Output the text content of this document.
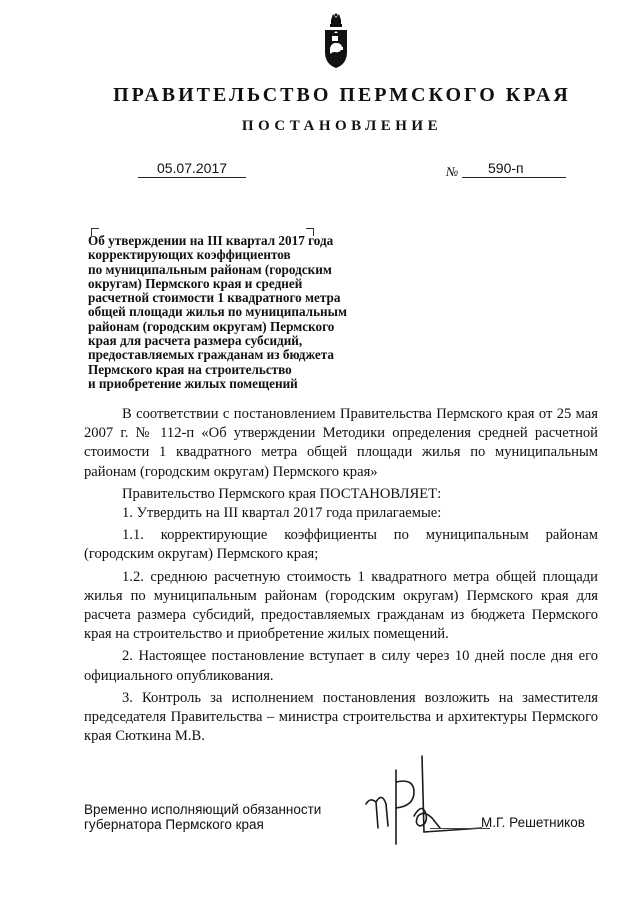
ПРАВИТЕЛЬСТВО ПЕРМСКОГО КРАЯ
ПОСТАНОВЛЕНИЕ
05.07.2017	№	590-п
Об утверждении на III квартал 2017 года
корректирующих коэффициентов
по муниципальным районам (городским
округам) Пермского края и средней
расчетной стоимости 1 квадратного метра
общей площади жилья по муниципальным
районам (городским округам) Пермского
края для расчета размера субсидий,
предоставляемых гражданам из бюджета
Пермского края на строительство
и приобретение жилых помещений

В соответствии с постановлением Правительства Пермского края от 25 мая 2007 г. № 112-п «Об утверждении Методики определения средней расчетной стоимости 1 квадратного метра общей площади жилья по муниципальным районам (городским округам) Пермского края»

Правительство Пермского края ПОСТАНОВЛЯЕТ:

1. Утвердить на III квартал 2017 года прилагаемые:

1.1. корректирующие коэффициенты по муниципальным районам (городским округам) Пермского края;

1.2. среднюю расчетную стоимость 1 квадратного метра общей площади жилья по муниципальным районам (городским округам) Пермского края для расчета размера субсидий, предоставляемых гражданам из бюджета Пермского края на строительство и приобретение жилых помещений.

2. Настоящее постановление вступает в силу через 10 дней после дня его официального опубликования.

3. Контроль за исполнением постановления возложить на заместителя председателя Правительства – министра строительства и архитектуры Пермского края Сюткина М.В.

Временно исполняющий обязанности
губернатора Пермского края	М.Г. Решетников
